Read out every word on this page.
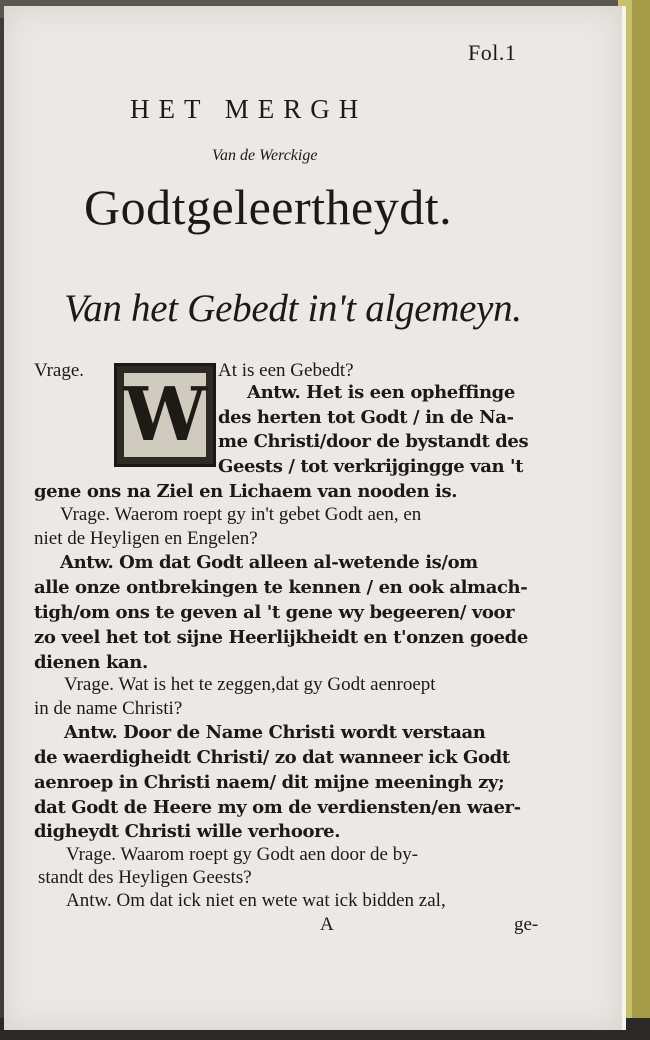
Fol.1
HET MERGH
Van de Werckige
Godtgeleertheydt.
Van het Gebedt in't algemeyn.
Vrage.
W
At is een Gebedt?
Antw. Het is een opheffinge
des herten tot Godt / in de Na-
me Christi/door de bystandt des
Geests / tot verkrijgingge van 't
gene ons na Ziel en Lichaem van nooden is.
Vrage. Waerom roept gy in't gebet Godt aen, en
niet de Heyligen en Engelen?
Antw. Om dat Godt alleen al-wetende is/om
alle onze ontbrekingen te kennen / en ook almach-
tigh/om ons te geven al 't gene wy begeeren/ voor
zo veel het tot sijne Heerlijkheidt en t'onzen goede
dienen kan.
Vrage. Wat is het te zeggen,dat gy Godt aenroept
in de name Christi?
Antw. Door de Name Christi wordt verstaan
de waerdigheidt Christi/ zo dat wanneer ick Godt
aenroep in Christi naem/ dit mijne meeningh zy;
dat Godt de Heere my om de verdiensten/en waer-
digheydt Christi wille verhoore.
Vrage. Waarom roept gy Godt aen door de by-
standt des Heyligen Geests?
Antw. Om dat ick niet en wete wat ick bidden zal,
A	ge-
